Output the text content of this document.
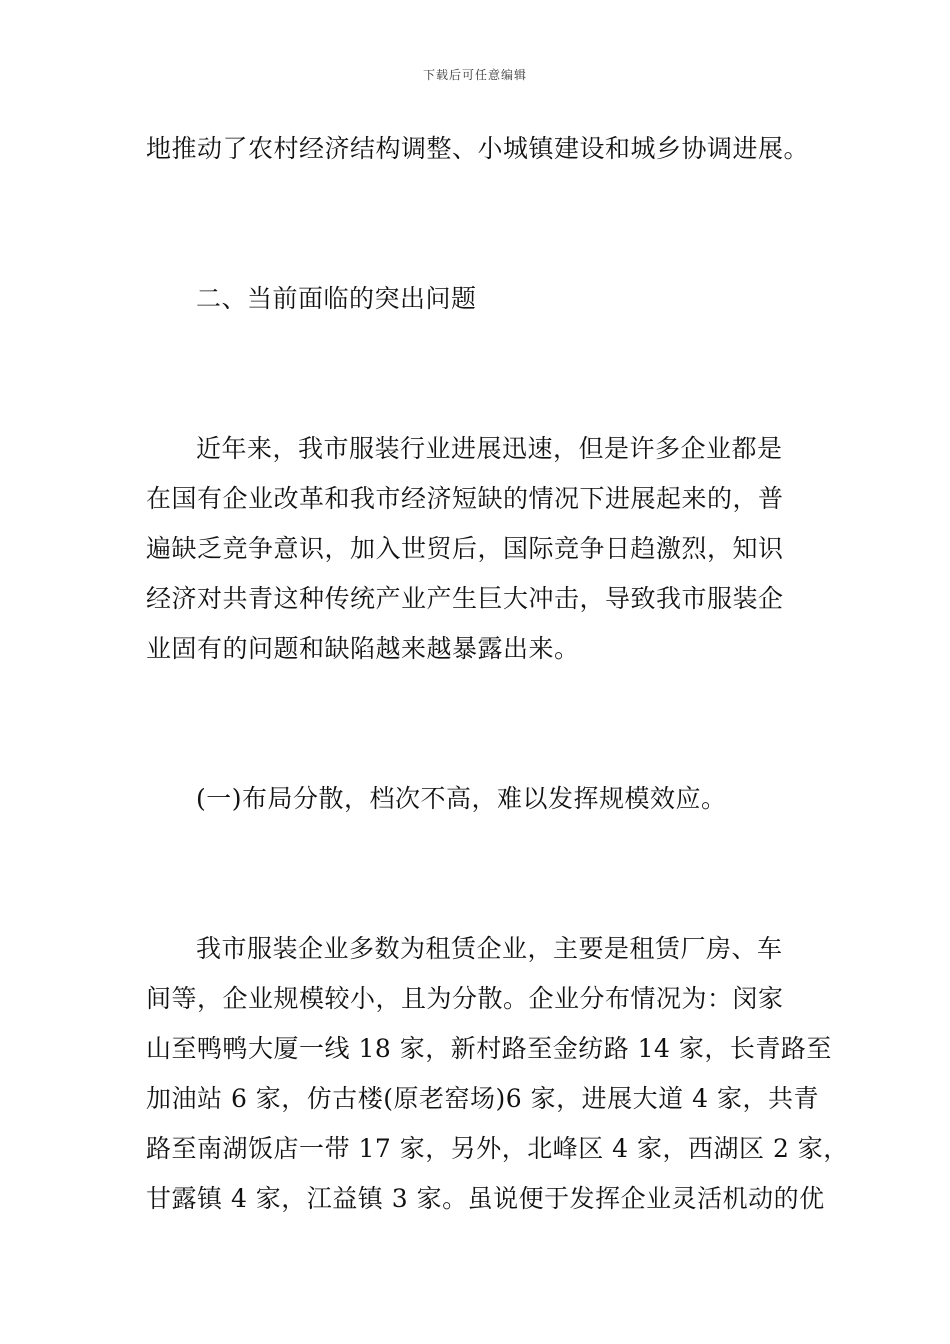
下载后可任意编辑
地推动了农村经济结构调整、小城镇建设和城乡协调进展。
二、当前面临的突出问题
近年来，我市服装行业进展迅速，但是许多企业都是
在国有企业改革和我市经济短缺的情况下进展起来的，普
遍缺乏竞争意识，加入世贸后，国际竞争日趋激烈，知识
经济对共青这种传统产业产生巨大冲击，导致我市服装企
业固有的问题和缺陷越来越暴露出来。
(一)布局分散，档次不高，难以发挥规模效应。
我市服装企业多数为租赁企业，主要是租赁厂房、车
间等，企业规模较小，且为分散。企业分布情况为：闵家
山至鸭鸭大厦一线 18 家，新村路至金纺路 14 家，长青路至
加油站 6 家，仿古楼(原老窑场)6 家，进展大道 4 家，共青
路至南湖饭店一带 17 家，另外，北峰区 4 家，西湖区 2 家，
甘露镇 4 家，江益镇 3 家。虽说便于发挥企业灵活机动的优
